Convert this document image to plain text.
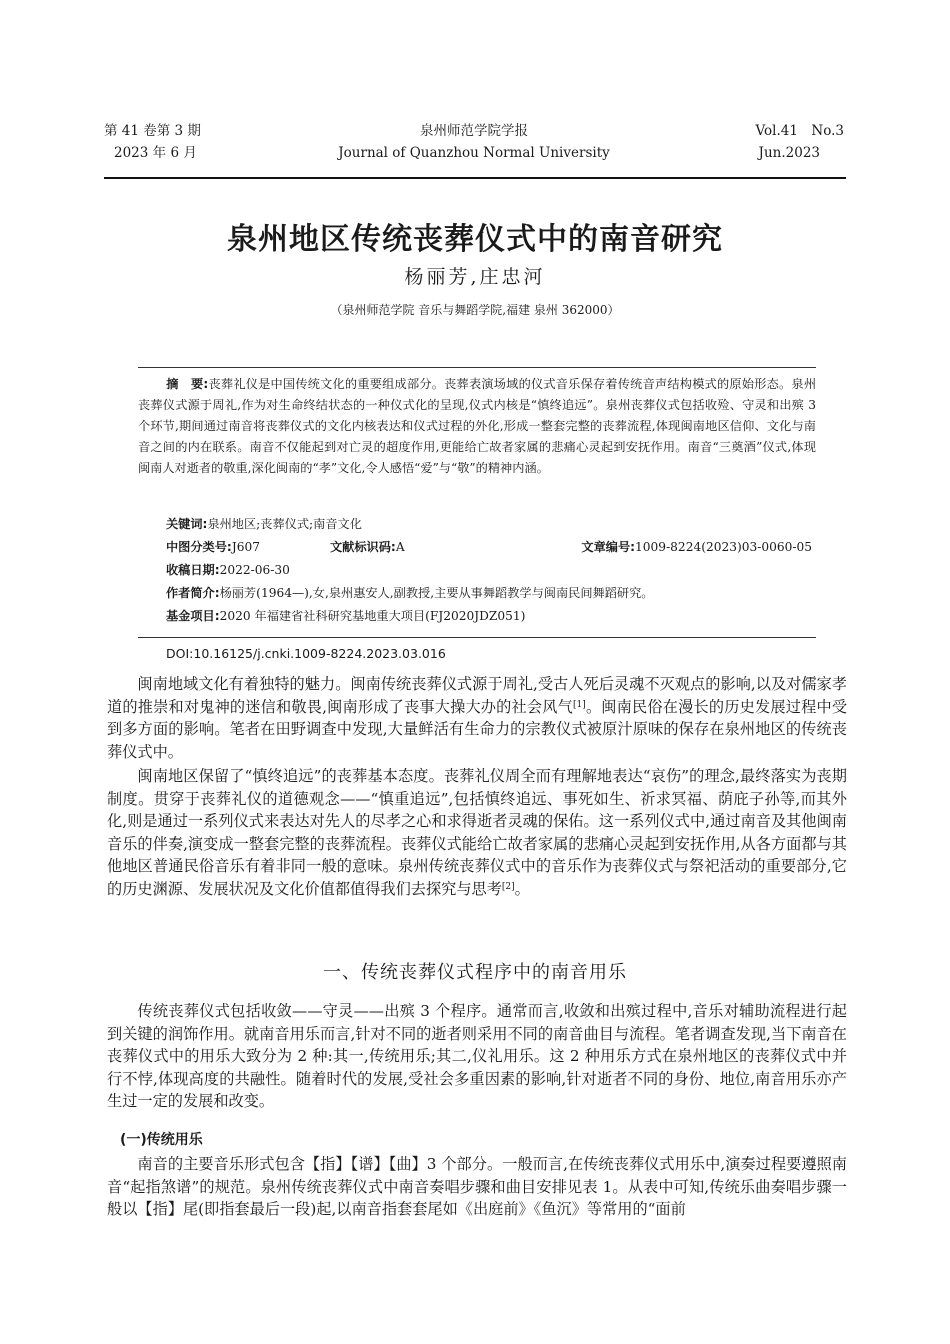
第 41 卷第 3 期
2023 年 6 月
泉州师范学院学报
Journal of Quanzhou Normal University
Vol.41　No.3
Jun.2023
泉州地区传统丧葬仪式中的南音研究
杨丽芳,庄忠河
（泉州师范学院 音乐与舞蹈学院,福建 泉州 362000）
摘　要:丧葬礼仪是中国传统文化的重要组成部分。丧葬表演场域的仪式音乐保存着传统音声结构模式的原始形态。泉州丧葬仪式源于周礼,作为对生命终结状态的一种仪式化的呈现,仪式内核是“慎终追远”。泉州丧葬仪式包括收殓、守灵和出殡 3 个环节,期间通过南音将丧葬仪式的文化内核表达和仪式过程的外化,形成一整套完整的丧葬流程,体现闽南地区信仰、文化与南音之间的内在联系。南音不仅能起到对亡灵的超度作用,更能给亡故者家属的悲痛心灵起到安抚作用。南音“三奠酒”仪式,体现闽南人对逝者的敬重,深化闽南的“孝”文化,令人感悟“爱”与“敬”的精神内涵。
关键词:泉州地区;丧葬仪式;南音文化
中图分类号:J607	文献标识码:A	文章编号:1009-8224(2023)03-0060-05
收稿日期:2022-06-30
作者简介:杨丽芳(1964—),女,泉州惠安人,副教授,主要从事舞蹈教学与闽南民间舞蹈研究。
基金项目:2020 年福建省社科研究基地重大项目(FJ2020JDZ051)
DOI:10.16125/j.cnki.1009-8224.2023.03.016

闽南地域文化有着独特的魅力。闽南传统丧葬仪式源于周礼,受古人死后灵魂不灭观点的影响,以及对儒家孝道的推崇和对鬼神的迷信和敬畏,闽南形成了丧事大操大办的社会风气[1]。闽南民俗在漫长的历史发展过程中受到多方面的影响。笔者在田野调查中发现,大量鲜活有生命力的宗教仪式被原汁原味的保存在泉州地区的传统丧葬仪式中。

闽南地区保留了“慎终追远”的丧葬基本态度。丧葬礼仪周全而有理解地表达“哀伤”的理念,最终落实为丧期制度。贯穿于丧葬礼仪的道德观念——“慎重追远”,包括慎终追远、事死如生、祈求冥福、荫庇子孙等,而其外化,则是通过一系列仪式来表达对先人的尽孝之心和求得逝者灵魂的保佑。这一系列仪式中,通过南音及其他闽南音乐的伴奏,演变成一整套完整的丧葬流程。丧葬仪式能给亡故者家属的悲痛心灵起到安抚作用,从各方面都与其他地区普通民俗音乐有着非同一般的意味。泉州传统丧葬仪式中的音乐作为丧葬仪式与祭祀活动的重要部分,它的历史渊源、发展状况及文化价值都值得我们去探究与思考[2]。

一、传统丧葬仪式程序中的南音用乐

传统丧葬仪式包括收敛——守灵——出殡 3 个程序。通常而言,收敛和出殡过程中,音乐对辅助流程进行起到关键的润饰作用。就南音用乐而言,针对不同的逝者则采用不同的南音曲目与流程。笔者调查发现,当下南音在丧葬仪式中的用乐大致分为 2 种:其一,传统用乐;其二,仪礼用乐。这 2 种用乐方式在泉州地区的丧葬仪式中并行不悖,体现高度的共融性。随着时代的发展,受社会多重因素的影响,针对逝者不同的身份、地位,南音用乐亦产生过一定的发展和改变。

(一)传统用乐

南音的主要音乐形式包含【指】【谱】【曲】3 个部分。一般而言,在传统丧葬仪式用乐中,演奏过程要遵照南音“起指煞谱”的规范。泉州传统丧葬仪式中南音奏唱步骤和曲目安排见表 1。从表中可知,传统乐曲奏唱步骤一般以【指】尾(即指套最后一段)起,以南音指套套尾如《出庭前》《鱼沉》等常用的“面前
